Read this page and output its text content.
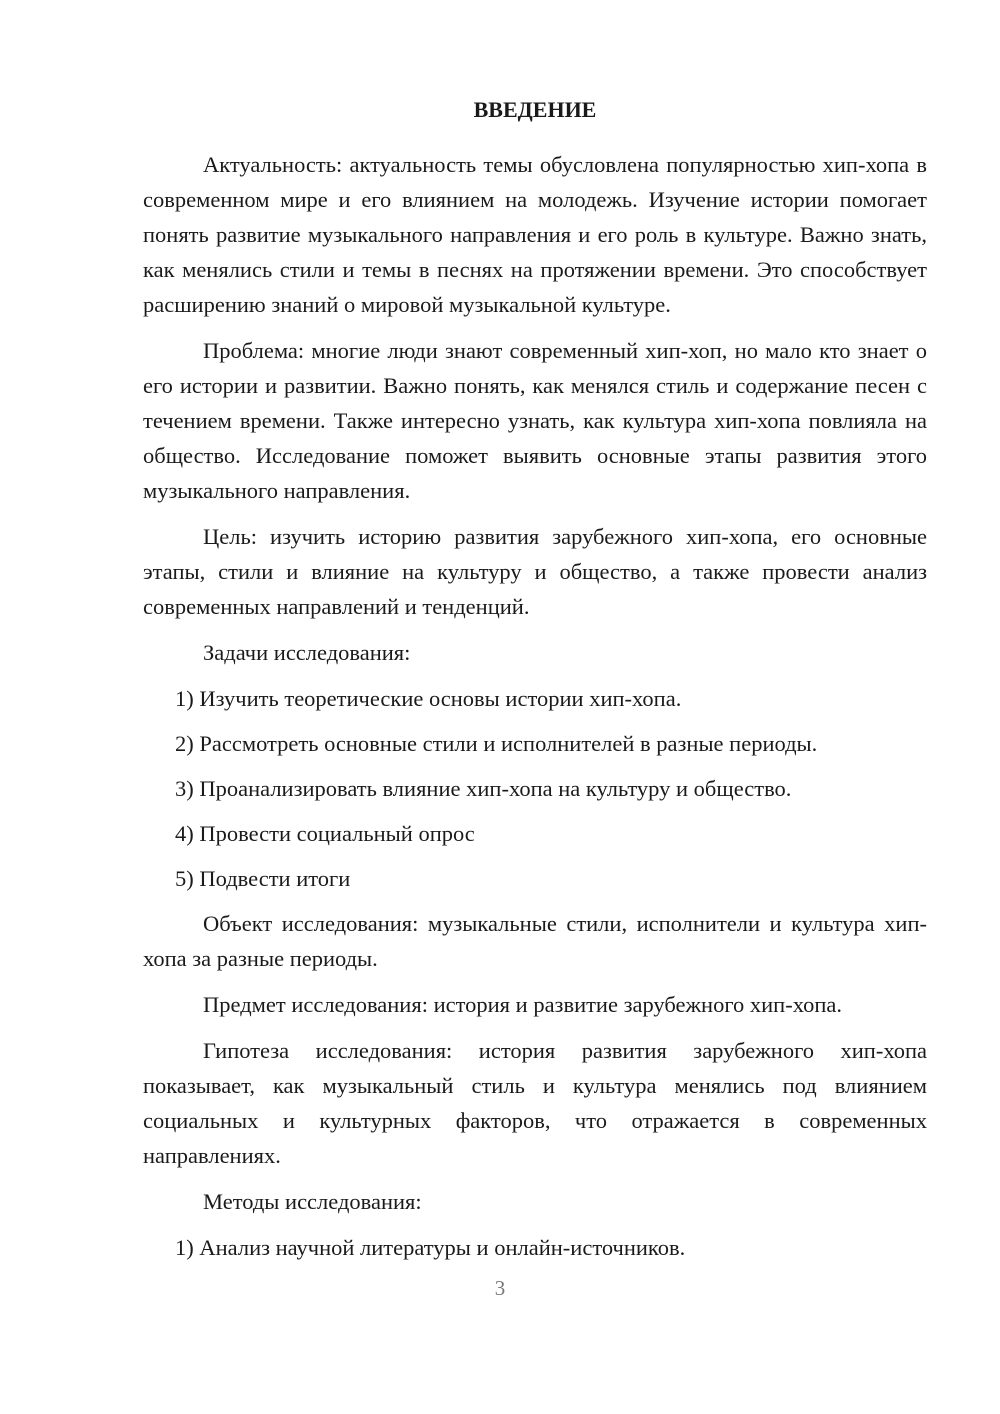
ВВЕДЕНИЕ

Актуальность: актуальность темы обусловлена популярностью хип-хопа в современном мире и его влиянием на молодежь. Изучение истории помогает понять развитие музыкального направления и его роль в культуре. Важно знать, как менялись стили и темы в песнях на протяжении времени. Это способствует расширению знаний о мировой музыкальной культуре.

Проблема: многие люди знают современный хип-хоп, но мало кто знает о его истории и развитии. Важно понять, как менялся стиль и содержание песен с течением времени. Также интересно узнать, как культура хип-хопа повлияла на общество. Исследование поможет выявить основные этапы развития этого музыкального направления.

Цель: изучить историю развития зарубежного хип-хопа, его основные этапы, стили и влияние на культуру и общество, а также провести анализ современных направлений и тенденций.

Задачи исследования:

1) Изучить теоретические основы истории хип-хопа.

2) Рассмотреть основные стили и исполнителей в разные периоды.

3) Проанализировать влияние хип-хопа на культуру и общество.

4) Провести социальный опрос

5) Подвести итоги

Объект исследования: музыкальные стили, исполнители и культура хип-хопа за разные периоды.

Предмет исследования: история и развитие зарубежного хип-хопа.

Гипотеза исследования: история развития зарубежного хип-хопа показывает, как музыкальный стиль и культура менялись под влиянием социальных и культурных факторов, что отражается в современных направлениях.

Методы исследования:

1) Анализ научной литературы и онлайн-источников.

3
